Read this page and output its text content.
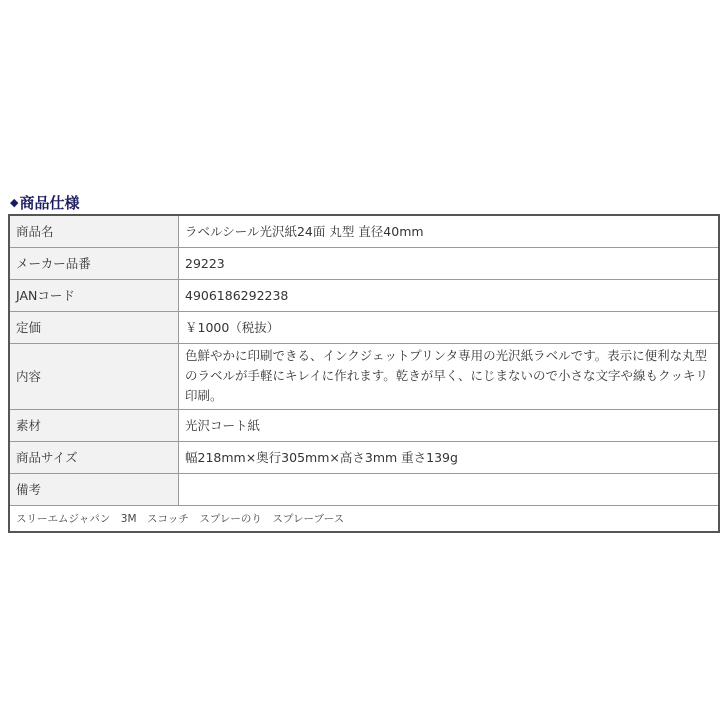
◆ 商品仕様
商品名	ラベルシール光沢紙24面 丸型 直径40mm
メーカー品番	29223
JANコード	4906186292238
定価	￥1000（税抜）
内容	色鮮やかに印刷できる、インクジェットプリンタ専用の光沢紙ラベルです。表示に便利な丸型のラベルが手軽にキレイに作れます。乾きが早く、にじまないので小さな文字や線もクッキリ印刷。
素材	光沢コート紙
商品サイズ	幅218mm×奥行305mm×高さ3mm 重さ139g
備考	
スリーエムジャパン　3M　スコッチ　スプレーのり　スプレーブース	
